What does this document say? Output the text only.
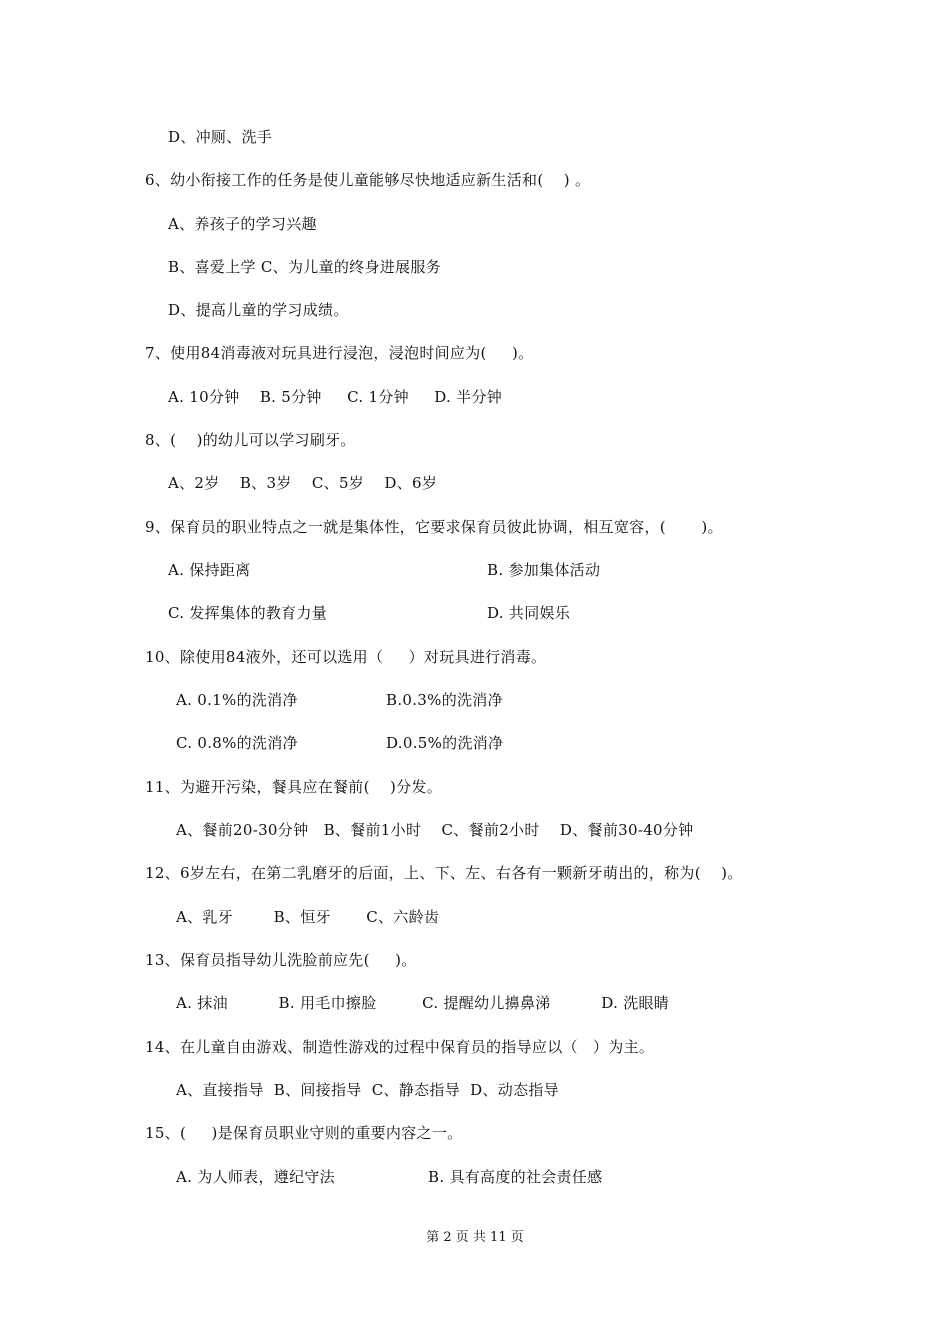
D、冲厕、洗手
6、幼小衔接工作的任务是使儿童能够尽快地适应新生活和(    ) 。
A、养孩子的学习兴趣
B、喜爱上学 C、为儿童的终身进展服务
D、提高儿童的学习成绩。
7、使用84消毒液对玩具进行浸泡，浸泡时间应为(     )。
A. 10分钟    B. 5分钟     C. 1分钟     D. 半分钟
8、(    )的幼儿可以学习刷牙。
A、2岁    B、3岁    C、5岁    D、6岁
9、保育员的职业特点之一就是集体性，它要求保育员彼此协调，相互宽容，(       )。
A. 保持距离	B. 参加集体活动
C. 发挥集体的教育力量	D. 共同娱乐
10、除使用84液外，还可以选用（     ）对玩具进行消毒。
A. 0.1%的洗消净	B.0.3%的洗消净
C. 0.8%的洗消净	D.0.5%的洗消净
11、为避开污染，餐具应在餐前(    )分发。
A、餐前20-30分钟   B、餐前1小时    C、餐前2小时    D、餐前30-40分钟
12、6岁左右，在第二乳磨牙的后面，上、下、左、右各有一颗新牙萌出的，称为(    )。
A、乳牙        B、恒牙       C、六龄齿
13、保育员指导幼儿洗脸前应先(     )。
A. 抹油          B. 用毛巾擦脸         C. 提醒幼儿擤鼻涕          D. 洗眼睛
14、在儿童自由游戏、制造性游戏的过程中保育员的指导应以（   ）为主。
A、直接指导  B、间接指导  C、静态指导  D、动态指导
15、(     )是保育员职业守则的重要内容之一。
A. 为人师表，遵纪守法	B. 具有高度的社会责任感
第 2 页 共 11 页
